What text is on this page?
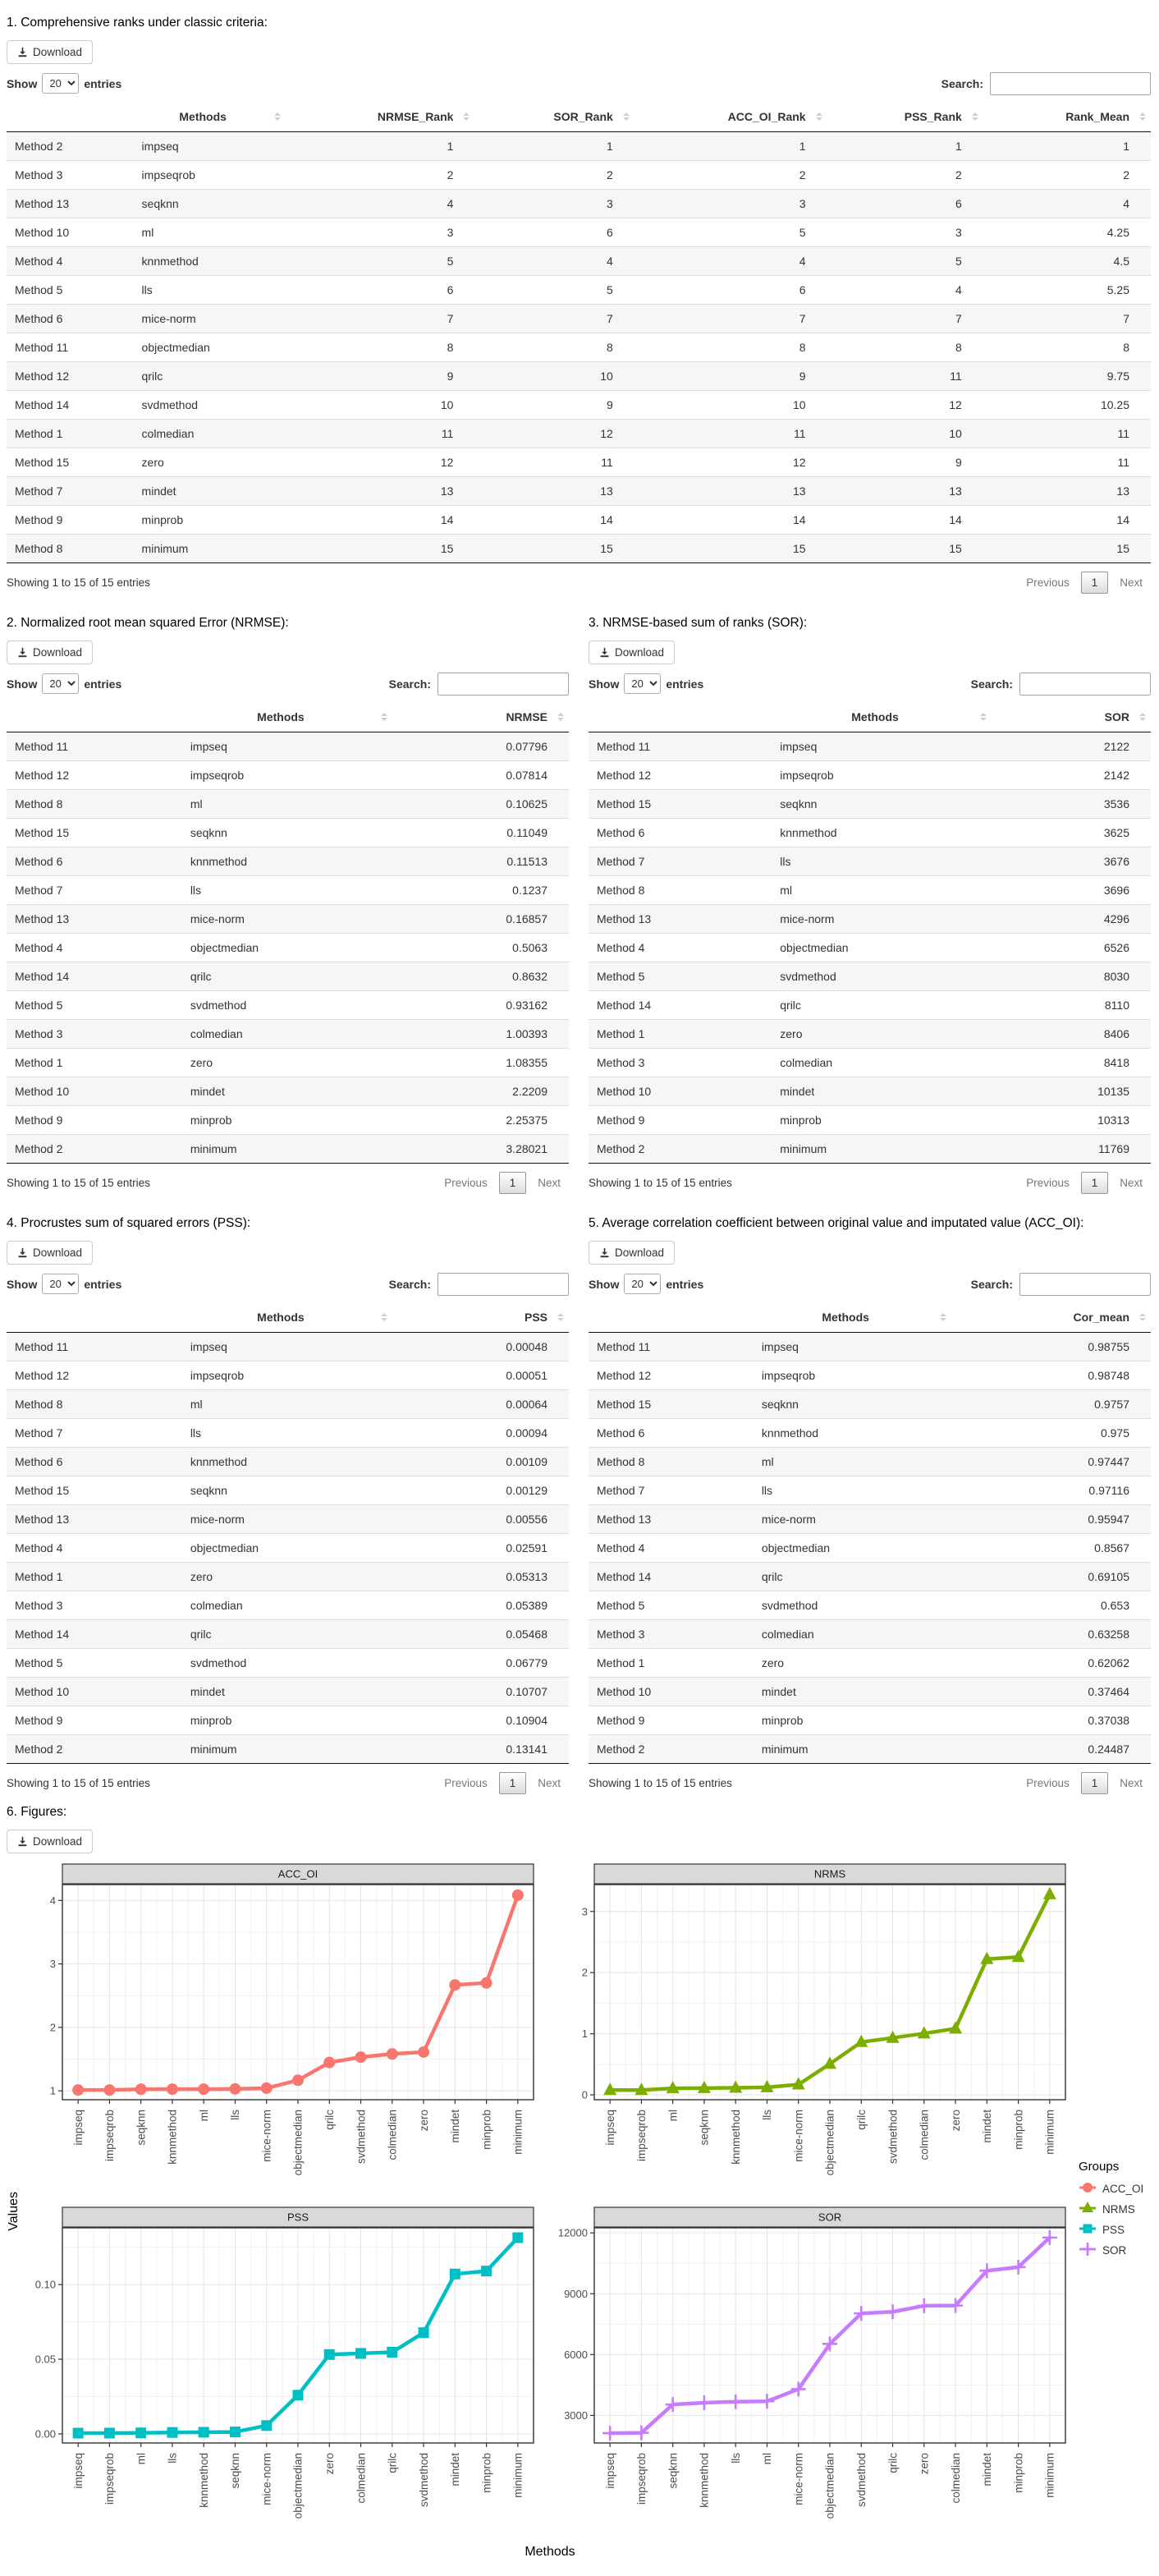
1. Comprehensive ranks under classic criteria:
Download
Show
20	entries	Search:
	Methods	NRMSE_Rank	SOR_Rank	ACC_OI_Rank	PSS_Rank	Rank_Mean

Method 2	impseq	1	1	1	1	1
Method 3	impseqrob	2	2	2	2	2
Method 13	seqknn	4	3	3	6	4
Method 10	ml	3	6	5	3	4.25
Method 4	knnmethod	5	4	4	5	4.5
Method 5	lls	6	5	6	4	5.25
Method 6	mice-norm	7	7	7	7	7
Method 11	objectmedian	8	8	8	8	8
Method 12	qrilc	9	10	9	11	9.75
Method 14	svdmethod	10	9	10	12	10.25
Method 1	colmedian	11	12	11	10	11
Method 15	zero	12	11	12	9	11
Method 7	mindet	13	13	13	13	13
Method 9	minprob	14	14	14	14	14
Method 8	minimum	15	15	15	15	15
Showing 1 to 15 of 15 entries	Previous	1	Next
2. Normalized root mean squared Error (NRMSE):
Download
Show
20	entries	Search:
	Methods	NRMSE

Method 11	impseq	0.07796
Method 12	impseqrob	0.07814
Method 8	ml	0.10625
Method 15	seqknn	0.11049
Method 6	knnmethod	0.11513
Method 7	lls	0.1237
Method 13	mice-norm	0.16857
Method 4	objectmedian	0.5063
Method 14	qrilc	0.8632
Method 5	svdmethod	0.93162
Method 3	colmedian	1.00393
Method 1	zero	1.08355
Method 10	mindet	2.2209
Method 9	minprob	2.25375
Method 2	minimum	3.28021
Showing 1 to 15 of 15 entries	Previous	1	Next
3. NRMSE-based sum of ranks (SOR):
Download
Show
20	entries	Search:
	Methods	SOR

Method 11	impseq	2122
Method 12	impseqrob	2142
Method 15	seqknn	3536
Method 6	knnmethod	3625
Method 7	lls	3676
Method 8	ml	3696
Method 13	mice-norm	4296
Method 4	objectmedian	6526
Method 5	svdmethod	8030
Method 14	qrilc	8110
Method 1	zero	8406
Method 3	colmedian	8418
Method 10	mindet	10135
Method 9	minprob	10313
Method 2	minimum	11769
Showing 1 to 15 of 15 entries	Previous	1	Next
4. Procrustes sum of squared errors (PSS):
Download
Show
20	entries	Search:
	Methods	PSS

Method 11	impseq	0.00048
Method 12	impseqrob	0.00051
Method 8	ml	0.00064
Method 7	lls	0.00094
Method 6	knnmethod	0.00109
Method 15	seqknn	0.00129
Method 13	mice-norm	0.00556
Method 4	objectmedian	0.02591
Method 1	zero	0.05313
Method 3	colmedian	0.05389
Method 14	qrilc	0.05468
Method 5	svdmethod	0.06779
Method 10	mindet	0.10707
Method 9	minprob	0.10904
Method 2	minimum	0.13141
Showing 1 to 15 of 15 entries	Previous	1	Next
5. Average correlation coefficient between original value and imputated value (ACC_OI):
Download
Show
20	entries	Search:
	Methods	Cor_mean

Method 11	impseq	0.98755
Method 12	impseqrob	0.98748
Method 15	seqknn	0.9757
Method 6	knnmethod	0.975
Method 8	ml	0.97447
Method 7	lls	0.97116
Method 13	mice-norm	0.95947
Method 4	objectmedian	0.8567
Method 14	qrilc	0.69105
Method 5	svdmethod	0.653
Method 3	colmedian	0.63258
Method 1	zero	0.62062
Method 10	mindet	0.37464
Method 9	minprob	0.37038
Method 2	minimum	0.24487
Showing 1 to 15 of 15 entries	Previous	1	Next
6. Figures:
Download
Values
ACC_OI
1
2
3
4
impseq impseqrob seqknn knnmethod ml lls mice-norm objectmedian qrilc svdmethod colmedian zero mindet minprob minimum
NRMS
0
1
2
3
impseq impseqrob ml seqknn knnmethod lls mice-norm objectmedian qrilc svdmethod colmedian zero mindet minprob minimum
PSS
0.00
0.05
0.10
impseq impseqrob ml lls knnmethod seqknn mice-norm objectmedian zero colmedian qrilc svdmethod mindet minprob minimum
SOR
3000
6000
9000
12000
impseq impseqrob seqknn knnmethod lls ml mice-norm objectmedian svdmethod qrilc zero colmedian mindet minprob minimum
Methods
Groups
ACC_OI
NRMS
PSS
SOR
